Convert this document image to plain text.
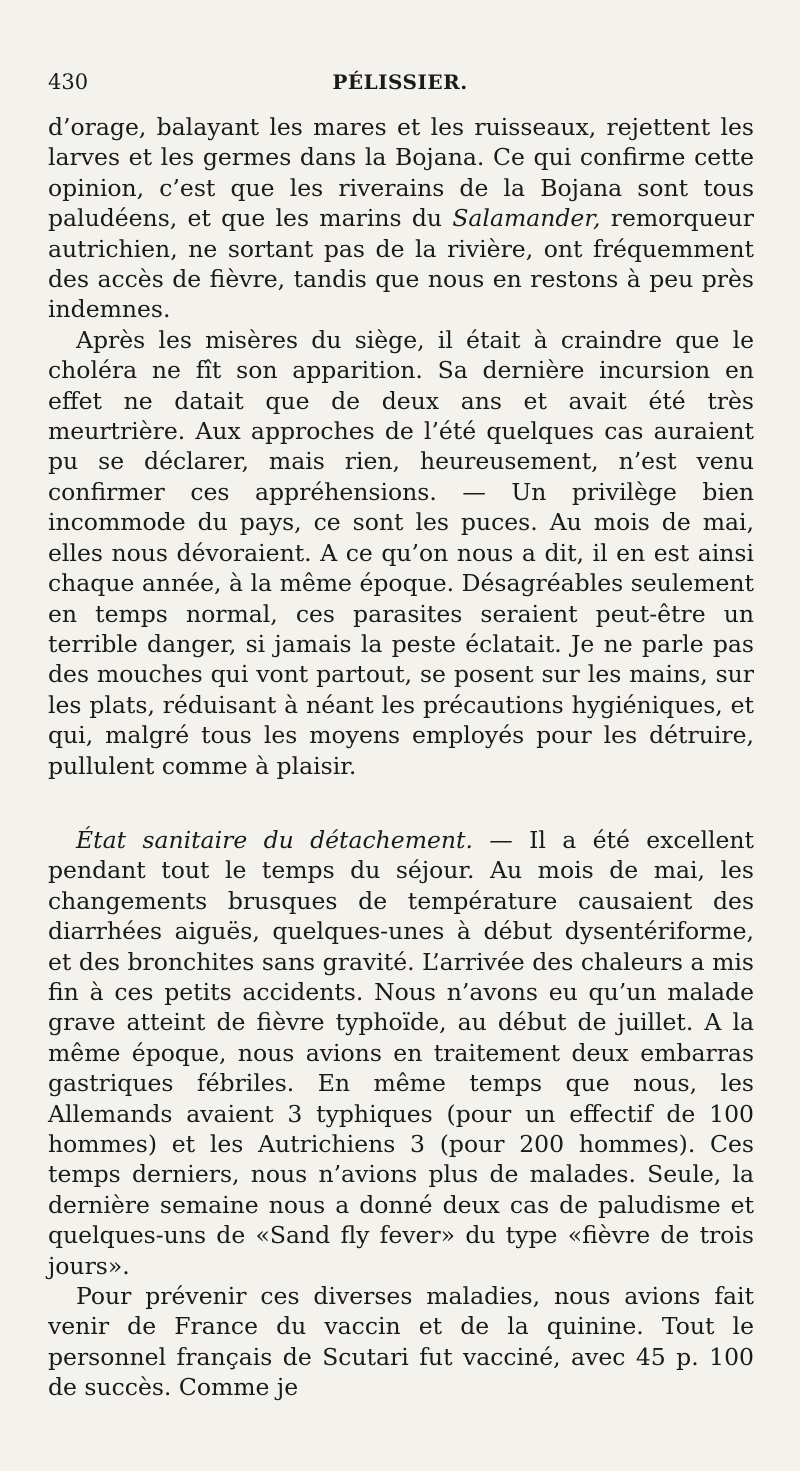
430	PÉLISSIER.

d’orage, balayant les mares et les ruisseaux, rejettent les larves et les germes dans la Bojana. Ce qui confirme cette opinion, c’est que les riverains de la Bojana sont tous paludéens, et que les marins du Salamander, remorqueur autrichien, ne sortant pas de la rivière, ont fréquemment des accès de fièvre, tandis que nous en restons à peu près indemnes.

Après les misères du siège, il était à craindre que le choléra ne fît son apparition. Sa dernière incursion en effet ne datait que de deux ans et avait été très meurtrière. Aux approches de l’été quelques cas auraient pu se déclarer, mais rien, heureusement, n’est venu confirmer ces appréhensions. — Un privilège bien incommode du pays, ce sont les puces. Au mois de mai, elles nous dévoraient. A ce qu’on nous a dit, il en est ainsi chaque année, à la même époque. Désagréables seulement en temps normal, ces parasites seraient peut-être un terrible danger, si jamais la peste éclatait. Je ne parle pas des mouches qui vont partout, se posent sur les mains, sur les plats, réduisant à néant les précautions hygiéniques, et qui, malgré tous les moyens employés pour les détruire, pullulent comme à plaisir.

État sanitaire du détachement. — Il a été excellent pendant tout le temps du séjour. Au mois de mai, les changements brusques de température causaient des diarrhées aiguës, quelques-unes à début dysentériforme, et des bronchites sans gravité. L’arrivée des chaleurs a mis fin à ces petits accidents. Nous n’avons eu qu’un malade grave atteint de fièvre typhoïde, au début de juillet. A la même époque, nous avions en traitement deux embarras gastriques fébriles. En même temps que nous, les Allemands avaient 3 typhiques (pour un effectif de 100 hommes) et les Autrichiens 3 (pour 200 hommes). Ces temps derniers, nous n’avions plus de malades. Seule, la dernière semaine nous a donné deux cas de paludisme et quelques-uns de «Sand fly fever» du type «fièvre de trois jours».

Pour prévenir ces diverses maladies, nous avions fait venir de France du vaccin et de la quinine. Tout le personnel français de Scutari fut vacciné, avec 45 p. 100 de succès. Comme je
